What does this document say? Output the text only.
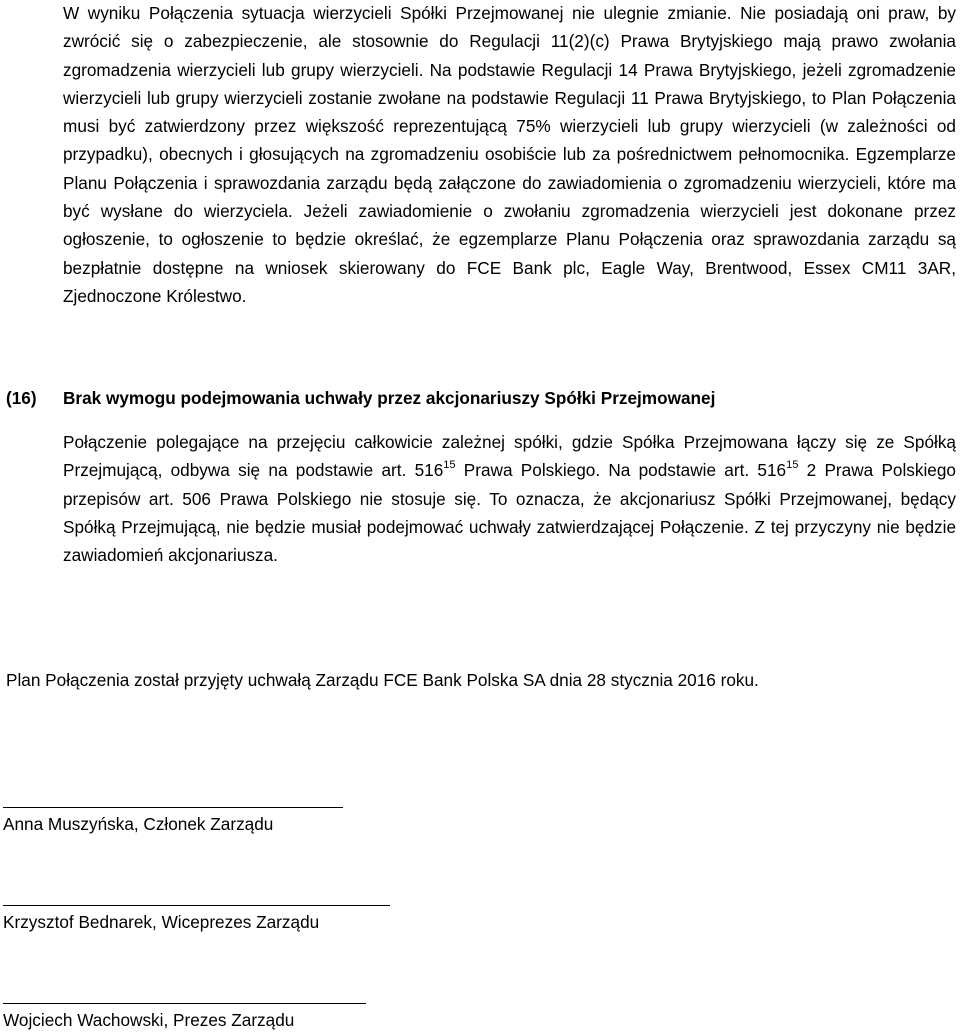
W wyniku Połączenia sytuacja wierzycieli Spółki Przejmowanej nie ulegnie zmianie. Nie posiadają oni praw, by zwrócić się o zabezpieczenie, ale stosownie do Regulacji 11(2)(c) Prawa Brytyjskiego mają prawo zwołania zgromadzenia wierzycieli lub grupy wierzycieli. Na podstawie Regulacji 14 Prawa Brytyjskiego, jeżeli zgromadzenie wierzycieli lub grupy wierzycieli zostanie zwołane na podstawie Regulacji 11 Prawa Brytyjskiego, to Plan Połączenia musi być zatwierdzony przez większość reprezentującą 75% wierzycieli lub grupy wierzycieli (w zależności od przypadku), obecnych i głosujących na zgromadzeniu osobiście lub za pośrednictwem pełnomocnika. Egzemplarze Planu Połączenia i sprawozdania zarządu będą załączone do zawiadomienia o zgromadzeniu wierzycieli, które ma być wysłane do wierzyciela. Jeżeli zawiadomienie o zwołaniu zgromadzenia wierzycieli jest dokonane przez ogłoszenie, to ogłoszenie to będzie określać, że egzemplarze Planu Połączenia oraz sprawozdania zarządu są bezpłatnie dostępne na wniosek skierowany do FCE Bank plc, Eagle Way, Brentwood, Essex CM11 3AR, Zjednoczone Królestwo.

(16) Brak wymogu podejmowania uchwały przez akcjonariuszy Spółki Przejmowanej

Połączenie polegające na przejęciu całkowicie zależnej spółki, gdzie Spółka Przejmowana łączy się ze Spółką Przejmującą, odbywa się na podstawie art. $516^{15}$ Prawa Polskiego. Na podstawie art. $516^{15}$ 2 Prawa Polskiego przepisów art. 506 Prawa Polskiego nie stosuje się. To oznacza, że akcjonariusz Spółki Przejmowanej, będący Spółką Przejmującą, nie będzie musiał podejmować uchwały zatwierdzającej Połączenie. Z tej przyczyny nie będzie zawiadomień akcjonariusza.

Plan Połączenia został przyjęty uchwałą Zarządu FCE Bank Polska SA dnia 28 stycznia 2016 roku.

Anna Muszyńska, Członek Zarządu
Krzysztof Bednarek, Wiceprezes Zarządu
Wojciech Wachowski, Prezes Zarządu
